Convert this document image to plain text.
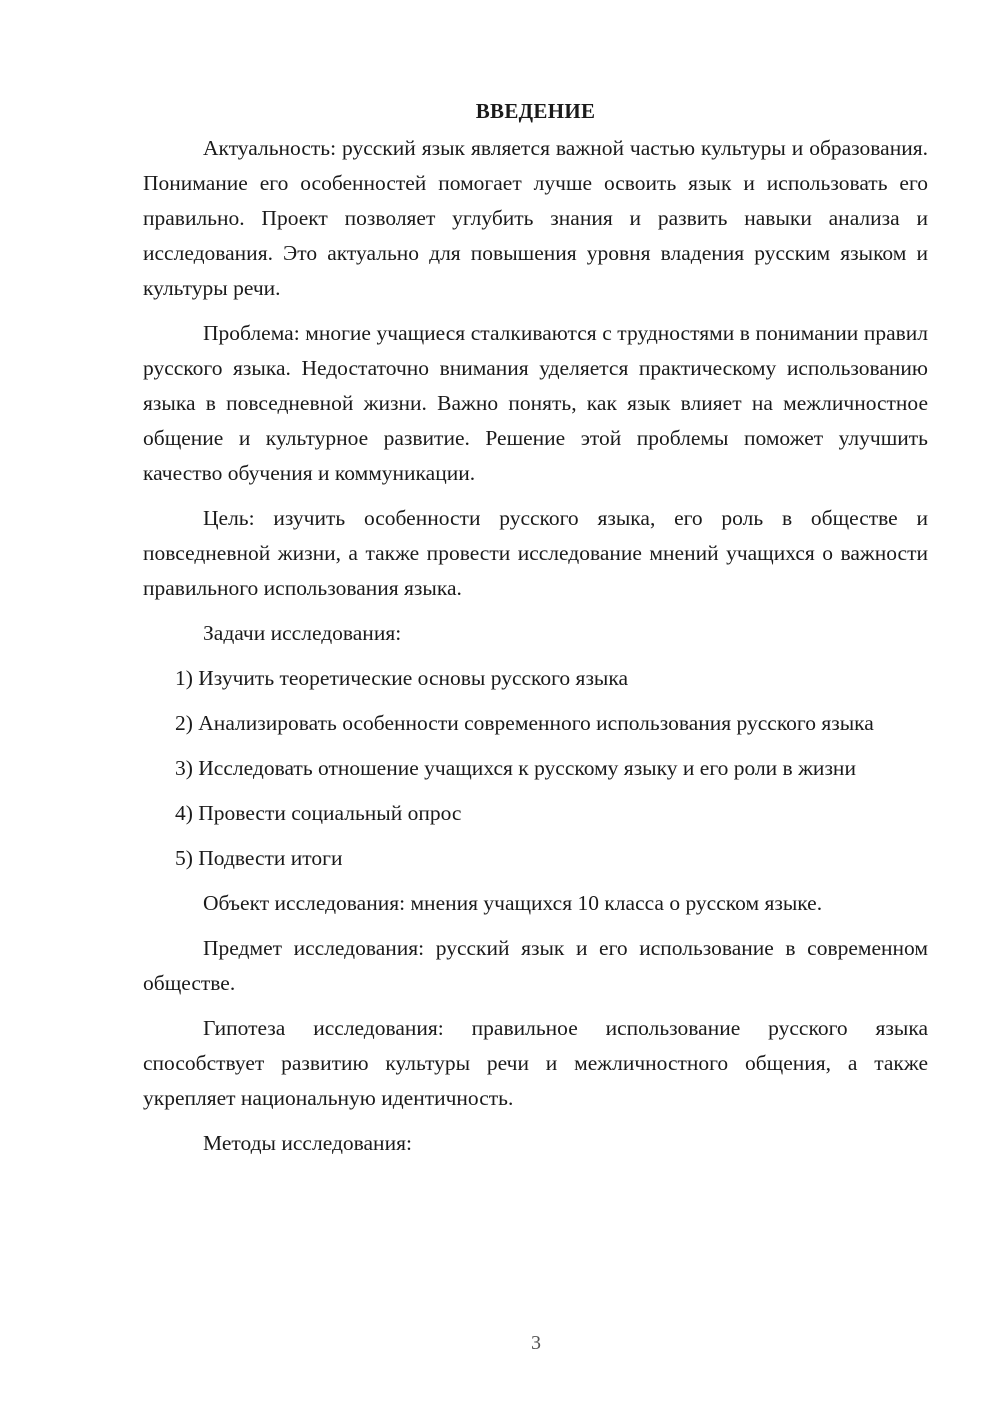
ВВЕДЕНИЕ

Актуальность: русский язык является важной частью культуры и образования. Понимание его особенностей помогает лучше освоить язык и использовать его правильно. Проект позволяет углубить знания и развить навыки анализа и исследования. Это актуально для повышения уровня владения русским языком и культуры речи.

Проблема: многие учащиеся сталкиваются с трудностями в понимании правил русского языка. Недостаточно внимания уделяется практическому использованию языка в повседневной жизни. Важно понять, как язык влияет на межличностное общение и культурное развитие. Решение этой проблемы поможет улучшить качество обучения и коммуникации.

Цель: изучить особенности русского языка, его роль в обществе и повседневной жизни, а также провести исследование мнений учащихся о важности правильного использования языка.

Задачи исследования:

1) Изучить теоретические основы русского языка

2) Анализировать особенности современного использования русского языка

3) Исследовать отношение учащихся к русскому языку и его роли в жизни

4) Провести социальный опрос

5) Подвести итоги

Объект исследования: мнения учащихся 10 класса о русском языке.

Предмет исследования: русский язык и его использование в современном обществе.

Гипотеза исследования: правильное использование русского языка способствует развитию культуры речи и межличностного общения, а также укрепляет национальную идентичность.

Методы исследования:

3
